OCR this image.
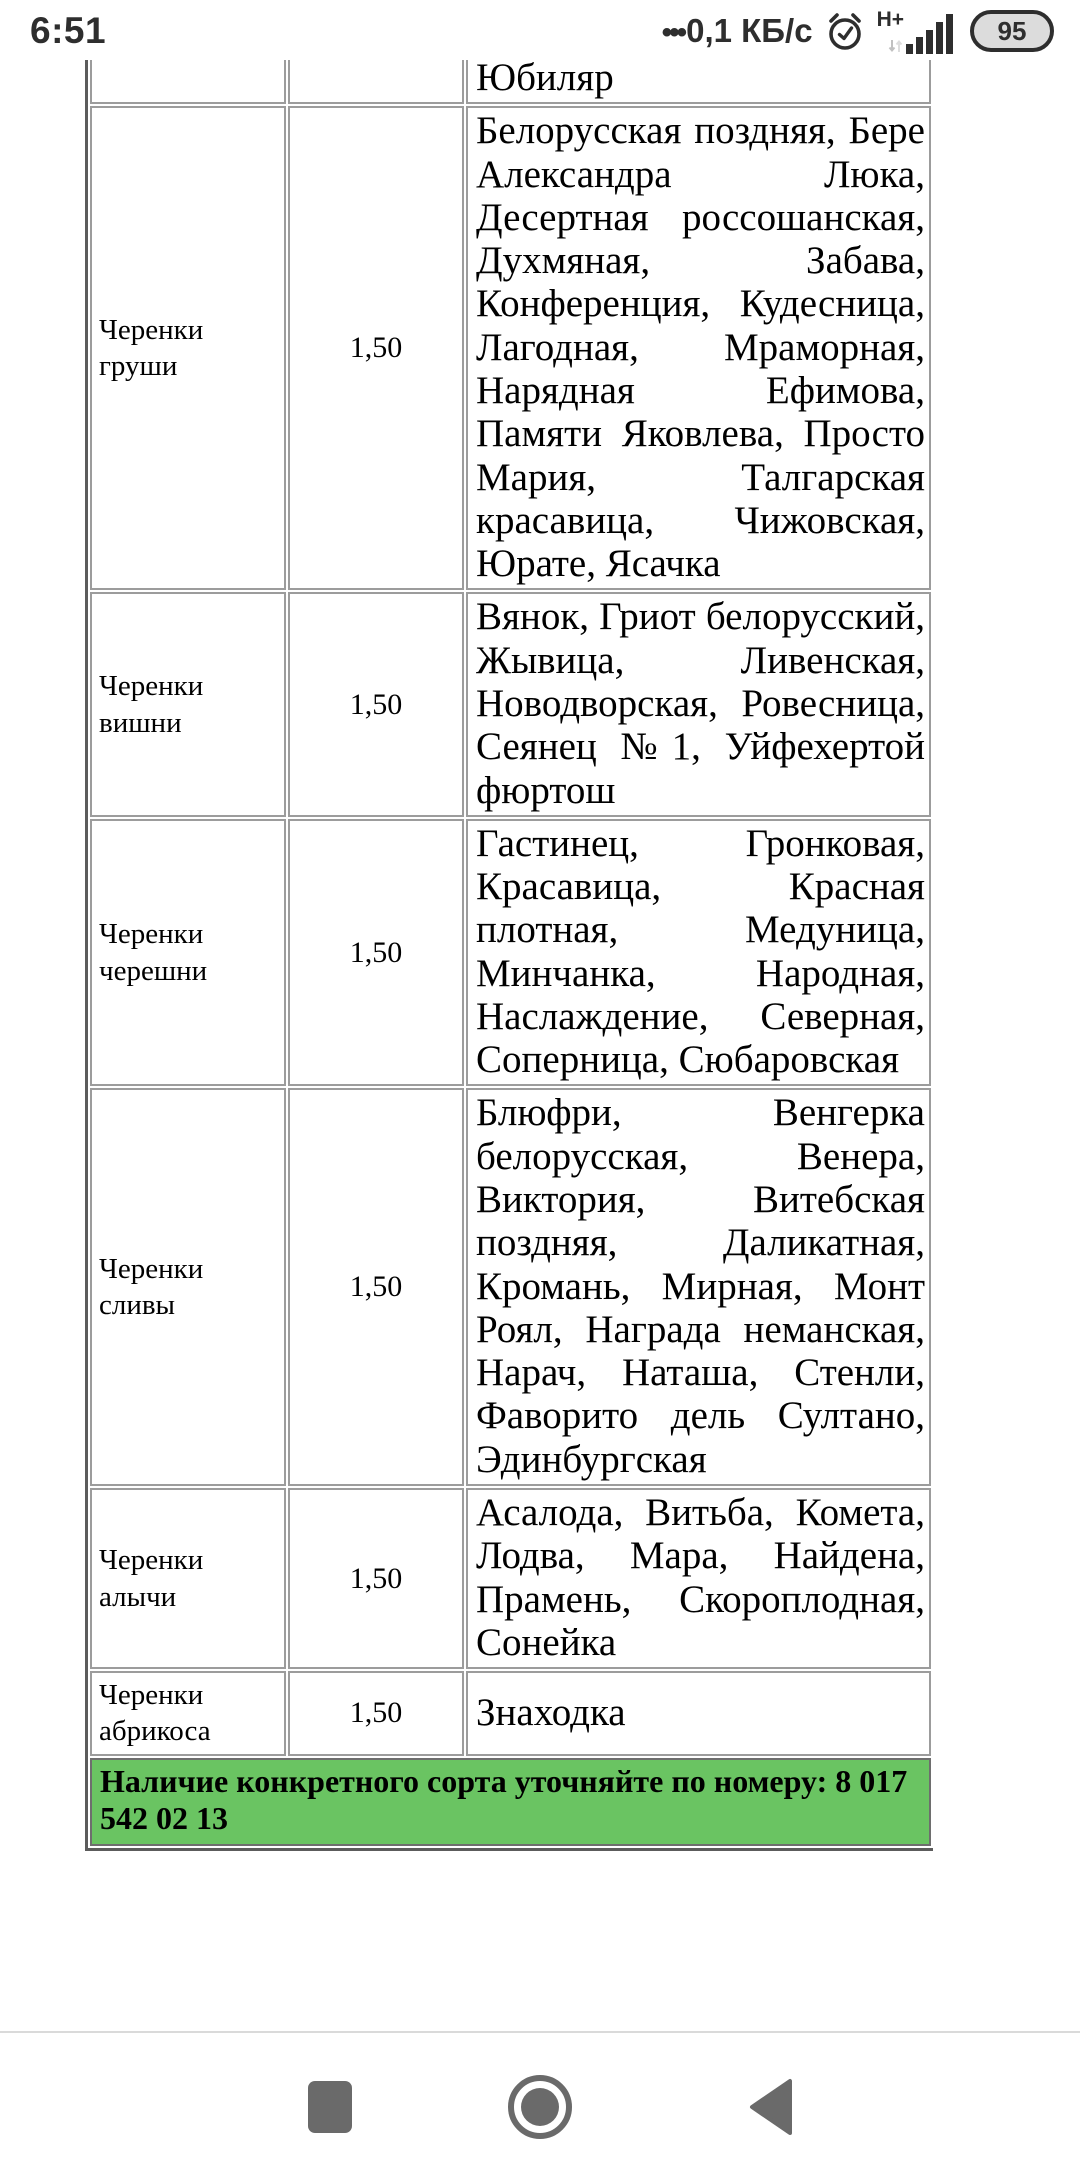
6:51	•••0,1 КБ/с	H+	95
		Юбиляр
Черенки груши	1,50	Белорусская поздняя, Бере Александра Люка, Десертная россошанская, Духмяная, Забава, Конференция, Кудесница, Лагодная, Мраморная, Нарядная Ефимова, Памяти Яковлева, Просто Мария, Талгарская красавица, Чижовская, Юрате, Ясачка
Черенки вишни	1,50	Вянок, Гриот белорусский, Жывица, Ливенская, Новодворская, Ровесница, Сеянец №1, Уйфехертой фюртош
Черенки черешни	1,50	Гастинец, Гронковая, Красавица, Красная плотная, Медуница, Минчанка, Народная, Наслаждение, Северная, Соперница, Сюбаровская
Черенки сливы	1,50	Блюфри, Венгерка белорусская, Венера, Виктория, Витебская поздняя, Даликатная, Кромань, Мирная, Монт Роял, Награда неманская, Нарач, Наташа, Стенли, Фаворито дель Султано, Эдинбургская
Черенки алычи	1,50	Асалода, Витьба, Комета, Лодва, Мара, Найдена, Прамень, Скороплодная, Сонейка
Черенки абрикоса	1,50	Знаходка
Наличие конкретного сорта уточняйте по номеру: 8 017 542 02 13		
